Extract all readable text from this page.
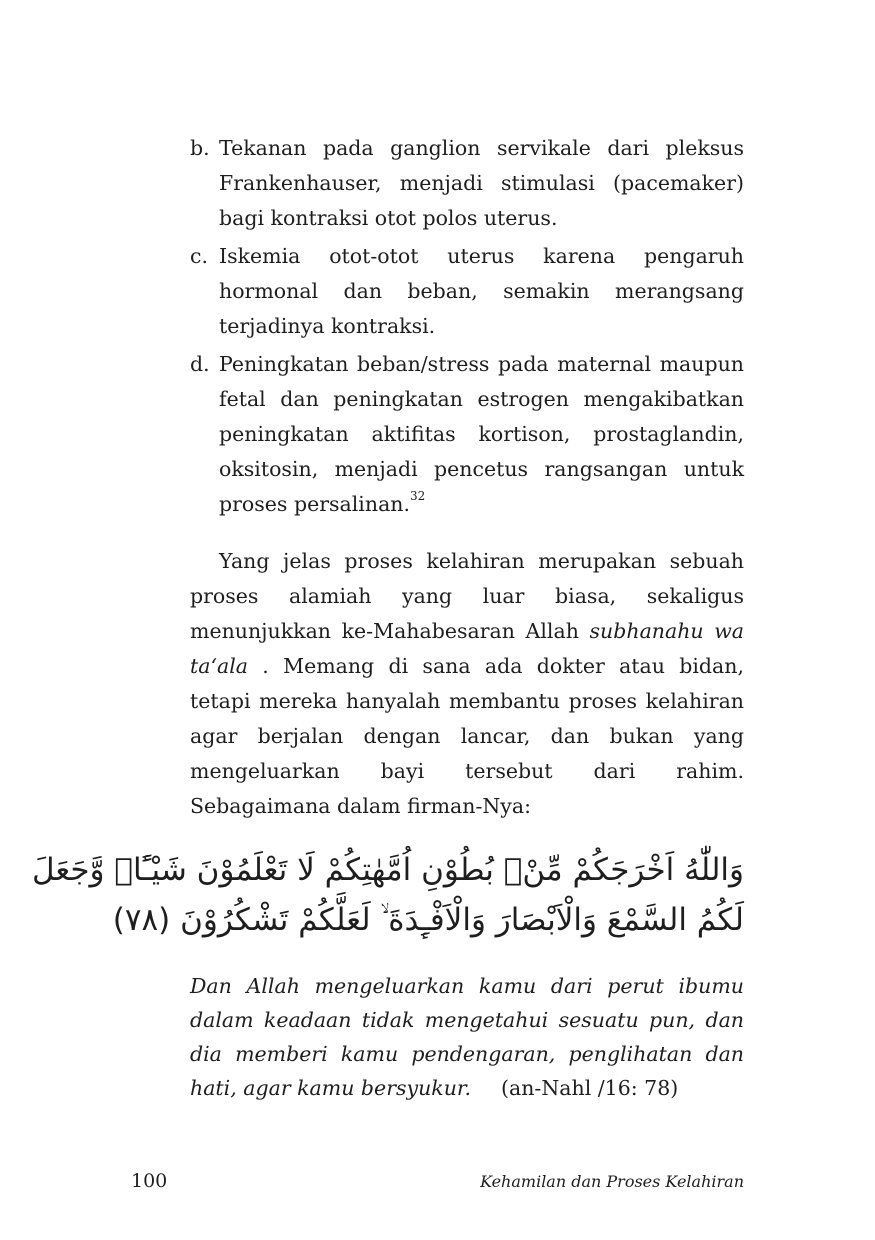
b. Tekanan pada ganglion servikale dari pleksus Frankenhauser, menjadi stimulasi (pacemaker) bagi kontraksi otot polos uterus.
c. Iskemia otot-otot uterus karena pengaruh hormonal dan beban, semakin merangsang terjadinya kontraksi.
d. Peningkatan beban/stress pada maternal maupun fetal dan peningkatan estrogen mengakibatkan peningkatan aktifitas kortison, prostaglandin, oksitosin, menjadi pencetus rangsangan untuk proses persalinan.$^{32}$

Yang jelas proses kelahiran merupakan sebuah proses alamiah yang luar biasa, sekaligus menunjukkan ke-Mahabesaran Allah subhanahu wa ta‘ala . Memang di sana ada dokter atau bidan, tetapi mereka hanyalah membantu proses kelahiran agar berjalan dengan lancar, dan bukan yang mengeluarkan bayi tersebut dari rahim. Sebagaimana dalam firman-Nya:

وَاللّٰهُ اَخْرَجَكُمْ مِّنْۢ بُطُوْنِ اُمَّهٰتِكُمْ لَا تَعْلَمُوْنَ شَيْـًٔاۙ وَّجَعَلَ
لَكُمُ السَّمْعَ وَالْاَبْصَارَ وَالْاَفْـِٕدَةَ ۙ لَعَلَّكُمْ تَشْكُرُوْنَ (٧٨)

Dan Allah mengeluarkan kamu dari perut ibumu dalam keadaan tidak mengetahui sesuatu pun, dan dia memberi kamu pendengaran, penglihatan dan hati, agar kamu bersyukur. (an-Nahl /16: 78)

100	Kehamilan dan Proses Kelahiran
